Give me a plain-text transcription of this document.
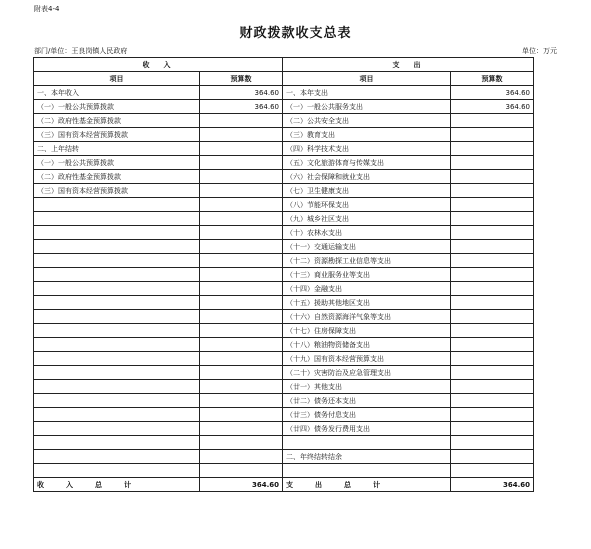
附表4-4
财政拨款收支总表
部门/单位：王良岗镇人民政府	单位：万元
收入		支出	
项目	预算数	项目	预算数
一、本年收入	364.60	一、本年支出	364.60
（一）一般公共预算拨款	364.60	（一）一般公共服务支出	364.60
（二）政府性基金预算拨款		（二）公共安全支出	
（三）国有资本经营预算拨款		（三）教育支出	
二、上年结转		（四）科学技术支出	
（一）一般公共预算拨款		（五）文化旅游体育与传媒支出	
（二）政府性基金预算拨款		（六）社会保障和就业支出	
（三）国有资本经营预算拨款		（七）卫生健康支出	
		（八）节能环保支出	
		（九）城乡社区支出	
		（十）农林水支出	
		（十一）交通运输支出	
		（十二）资源勘探工业信息等支出	
		（十三）商业服务业等支出	
		（十四）金融支出	
		（十五）援助其他地区支出	
		（十六）自然资源海洋气象等支出	
		（十七）住房保障支出	
		（十八）粮油物资储备支出	
		（十九）国有资本经营预算支出	
		（二十）灾害防治及应急管理支出	
		（廿一）其他支出	
		（廿二）债务还本支出	
		（廿三）债务付息支出	
		（廿四）债务发行费用支出	

		二、年终结转结余	

收 入 总 计	364.60	支 出 总 计	364.60
